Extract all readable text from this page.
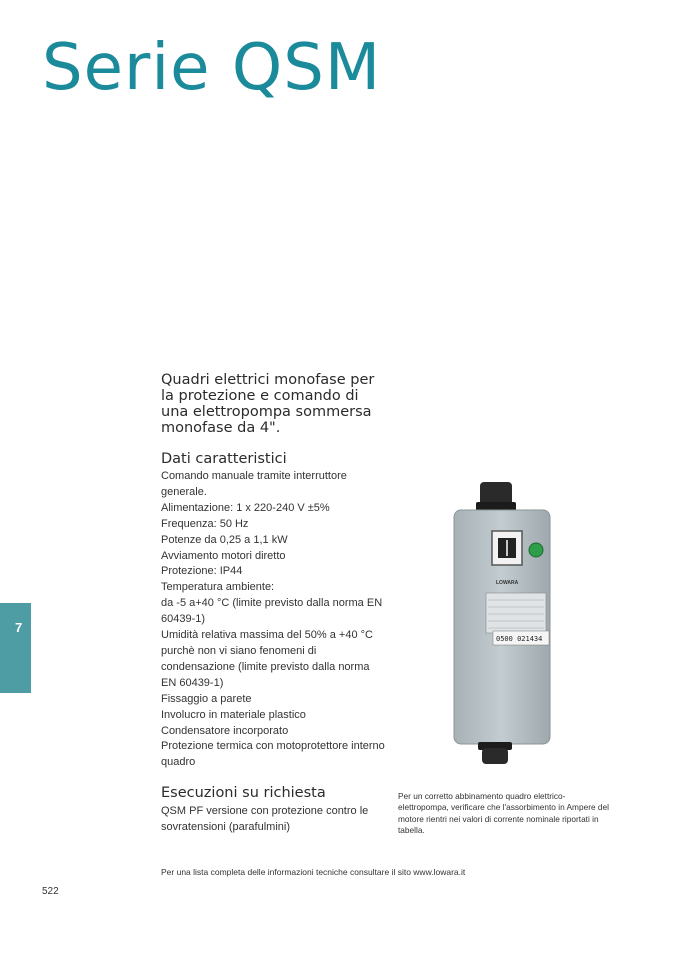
Serie QSM
Quadri elettrici monofase per la protezione e comando di una elettropompa sommersa monofase da 4".
Dati caratteristici
Comando manuale tramite interruttore generale.
Alimentazione: 1 x 220-240 V ±5%
Frequenza: 50 Hz
Potenze da 0,25 a 1,1 kW
Avviamento motori diretto
Protezione: IP44
Temperatura ambiente:
da -5 a+40 °C (limite previsto dalla norma EN 60439-1)
Umidità relativa massima del 50% a +40 °C purchè non vi siano fenomeni di condensazione (limite previsto dalla norma EN 60439-1)
Fissaggio a parete
Involucro in materiale plastico
Condensatore incorporato
Protezione termica con motoprotettore interno quadro
Esecuzioni su richiesta
QSM PF versione con protezione contro le sovratensioni (parafulmini)
Per un corretto abbinamento quadro elettrico-elettropompa, verificare che l'assorbimento in Ampere del motore rientri nei valori di corrente nominale riportati in tabella.
Per una lista completa delle informazioni tecniche consultare il sito www.lowara.it
522
7
LOWARA
0500 021434
